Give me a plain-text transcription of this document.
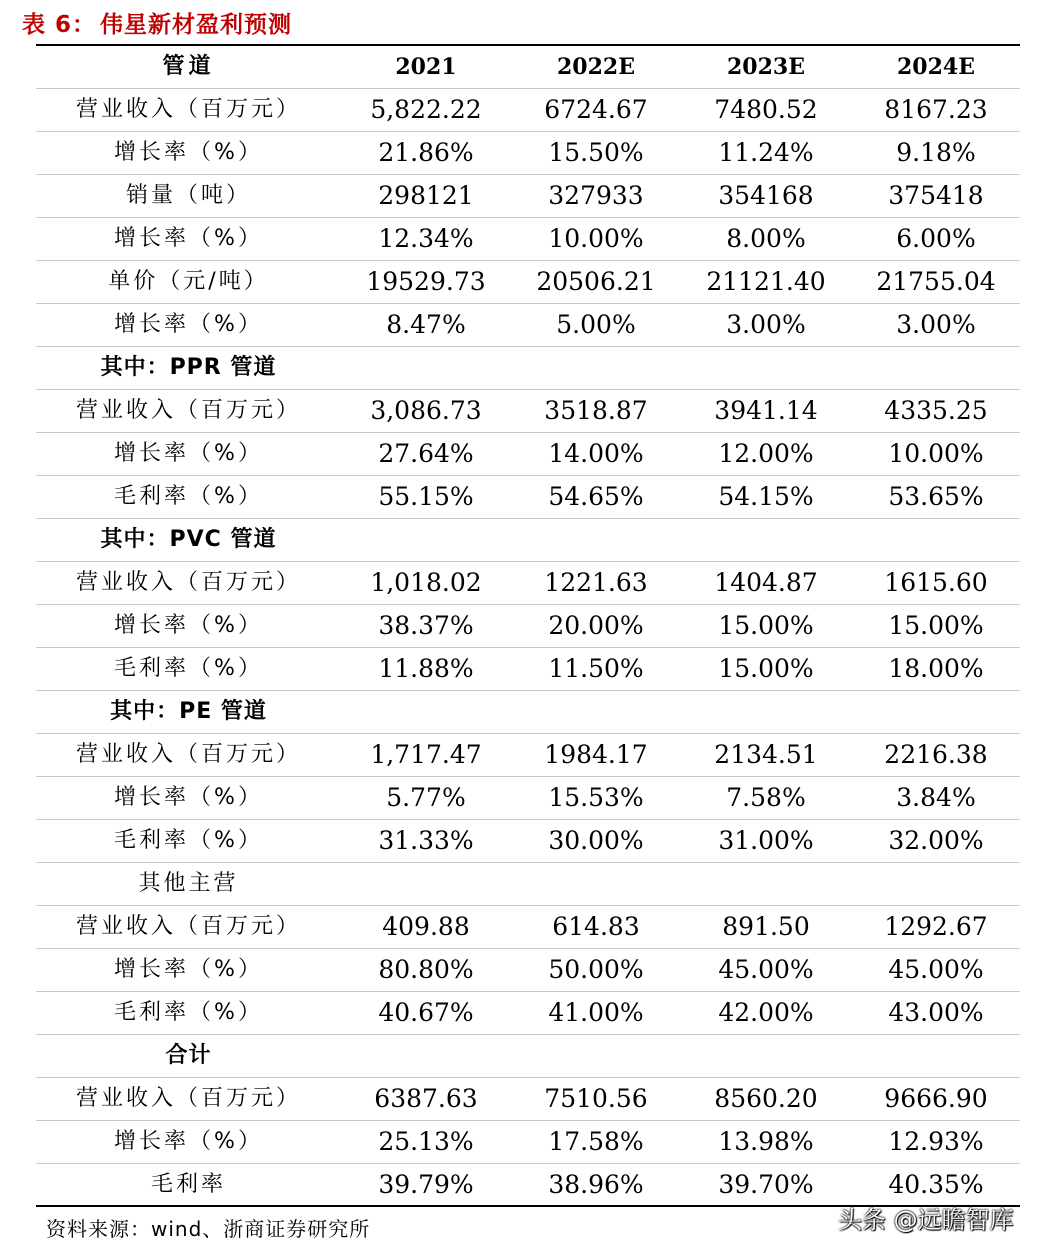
表 6： 伟星新材盈利预测
管道	2021	2022E	2023E	2024E
营业收入（百万元）	5,822.22	6724.67	7480.52	8167.23
增长率（%）	21.86%	15.50%	11.24%	9.18%
销量（吨）	298121	327933	354168	375418
增长率（%）	12.34%	10.00%	8.00%	6.00%
单价（元/吨）	19529.73	20506.21	21121.40	21755.04
增长率（%）	8.47%	5.00%	3.00%	3.00%
其中：PPR 管道
营业收入（百万元）	3,086.73	3518.87	3941.14	4335.25
增长率（%）	27.64%	14.00%	12.00%	10.00%
毛利率（%）	55.15%	54.65%	54.15%	53.65%
其中：PVC 管道
营业收入（百万元）	1,018.02	1221.63	1404.87	1615.60
增长率（%）	38.37%	20.00%	15.00%	15.00%
毛利率（%）	11.88%	11.50%	15.00%	18.00%
其中：PE 管道
营业收入（百万元）	1,717.47	1984.17	2134.51	2216.38
增长率（%）	5.77%	15.53%	7.58%	3.84%
毛利率（%）	31.33%	30.00%	31.00%	32.00%
其他主营
营业收入（百万元）	409.88	614.83	891.50	1292.67
增长率（%）	80.80%	50.00%	45.00%	45.00%
毛利率（%）	40.67%	41.00%	42.00%	43.00%
合计
营业收入（百万元）	6387.63	7510.56	8560.20	9666.90
增长率（%）	25.13%	17.58%	13.98%	12.93%
毛利率	39.79%	38.96%	39.70%	40.35%
资料来源：wind、浙商证券研究所	头条 @远瞻智库
